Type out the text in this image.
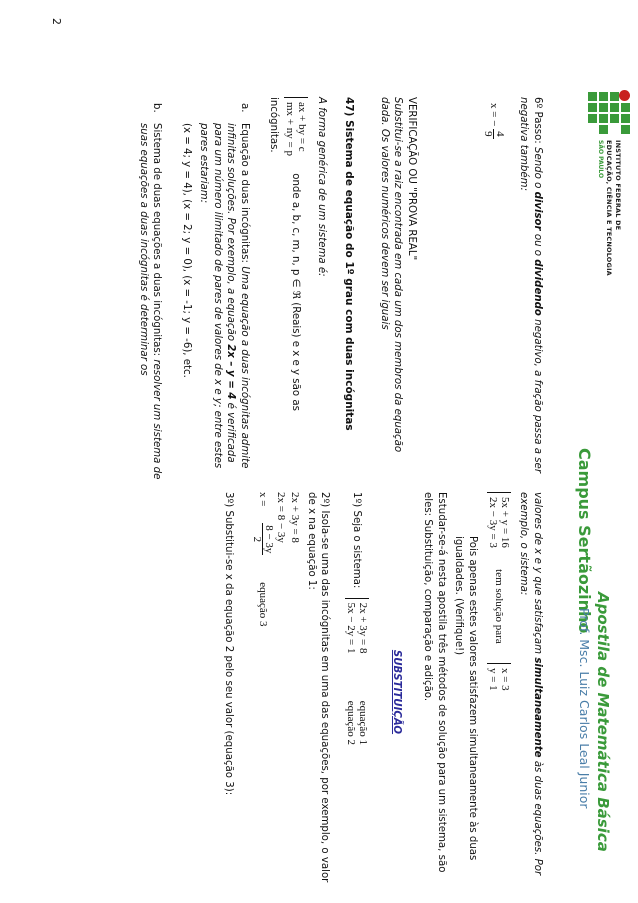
INSTITUTO FEDERAL DE
EDUCAÇÃO, CIÊNCIA E TECNOLOGIA
SÃO PAULO
Campus Sertãozinho
Apostila de Matemática Básica
Prof. Msc. Luiz Carlos Leal Junior

6º Passo: Sendo o divisor ou o dividendo negativo, a fração passa a ser negativa também:

x = −
4
9

VERIFICAÇÃO OU "PROVA REAL"

Substitui-se a raiz encontrada em cada um dos membros da equação dada. Os valores numéricos devem ser iguais

47) Sistema de equação do 1º grau com duas incógnitas

A forma genérica de um sistema é:

ax + by = c
mx + ny = p
onde a, b, c, m, n, p ∈ ℜ (Reais) e x e y são as

incógnitas.

a.
Equação a duas incógnitas: Uma equação a duas incógnitas admite infinitas soluções. Por exemplo, a equação 2x – y = 4 é verificada para um número ilimitado de pares de valores de x e y; entre estes pares estariam:
(x = 4; y = 4), (x = 2; y = 0), (x = -1; y = -6), etc.
b.
Sistema de duas equações a duas incógnitas: resolver um sistema de suas equações a duas incógnitas é determinar os
2

valores de x e y que satisfaçam simultaneamente às duas equações. Por exemplo, o sistema:

5x + y = 16
2x − 3y = 3
tem solução para
x = 3
y = 1

Pois apenas estes valores satisfazem simultaneamente às duas igualdades. (Verifique!)

Estudar-se-á nesta apostila três métodos de solução para um sistema, são eles: Substituição, comparação e adição.

SUBSTITUIÇÃO

1º) Seja o sistema:
2x + 3y = 8
5x − 2y = 1

equação 1
equação 2

2º) Isola-se uma das incógnitas em uma das equações, por exemplo, o valor de x na equação 1:

2x + 3y = 8
2x = 8 − 3y
x =
8 − 3y
2
equação 3

3º) Substitui-se x da equação 2 pelo seu valor (equação 3):
